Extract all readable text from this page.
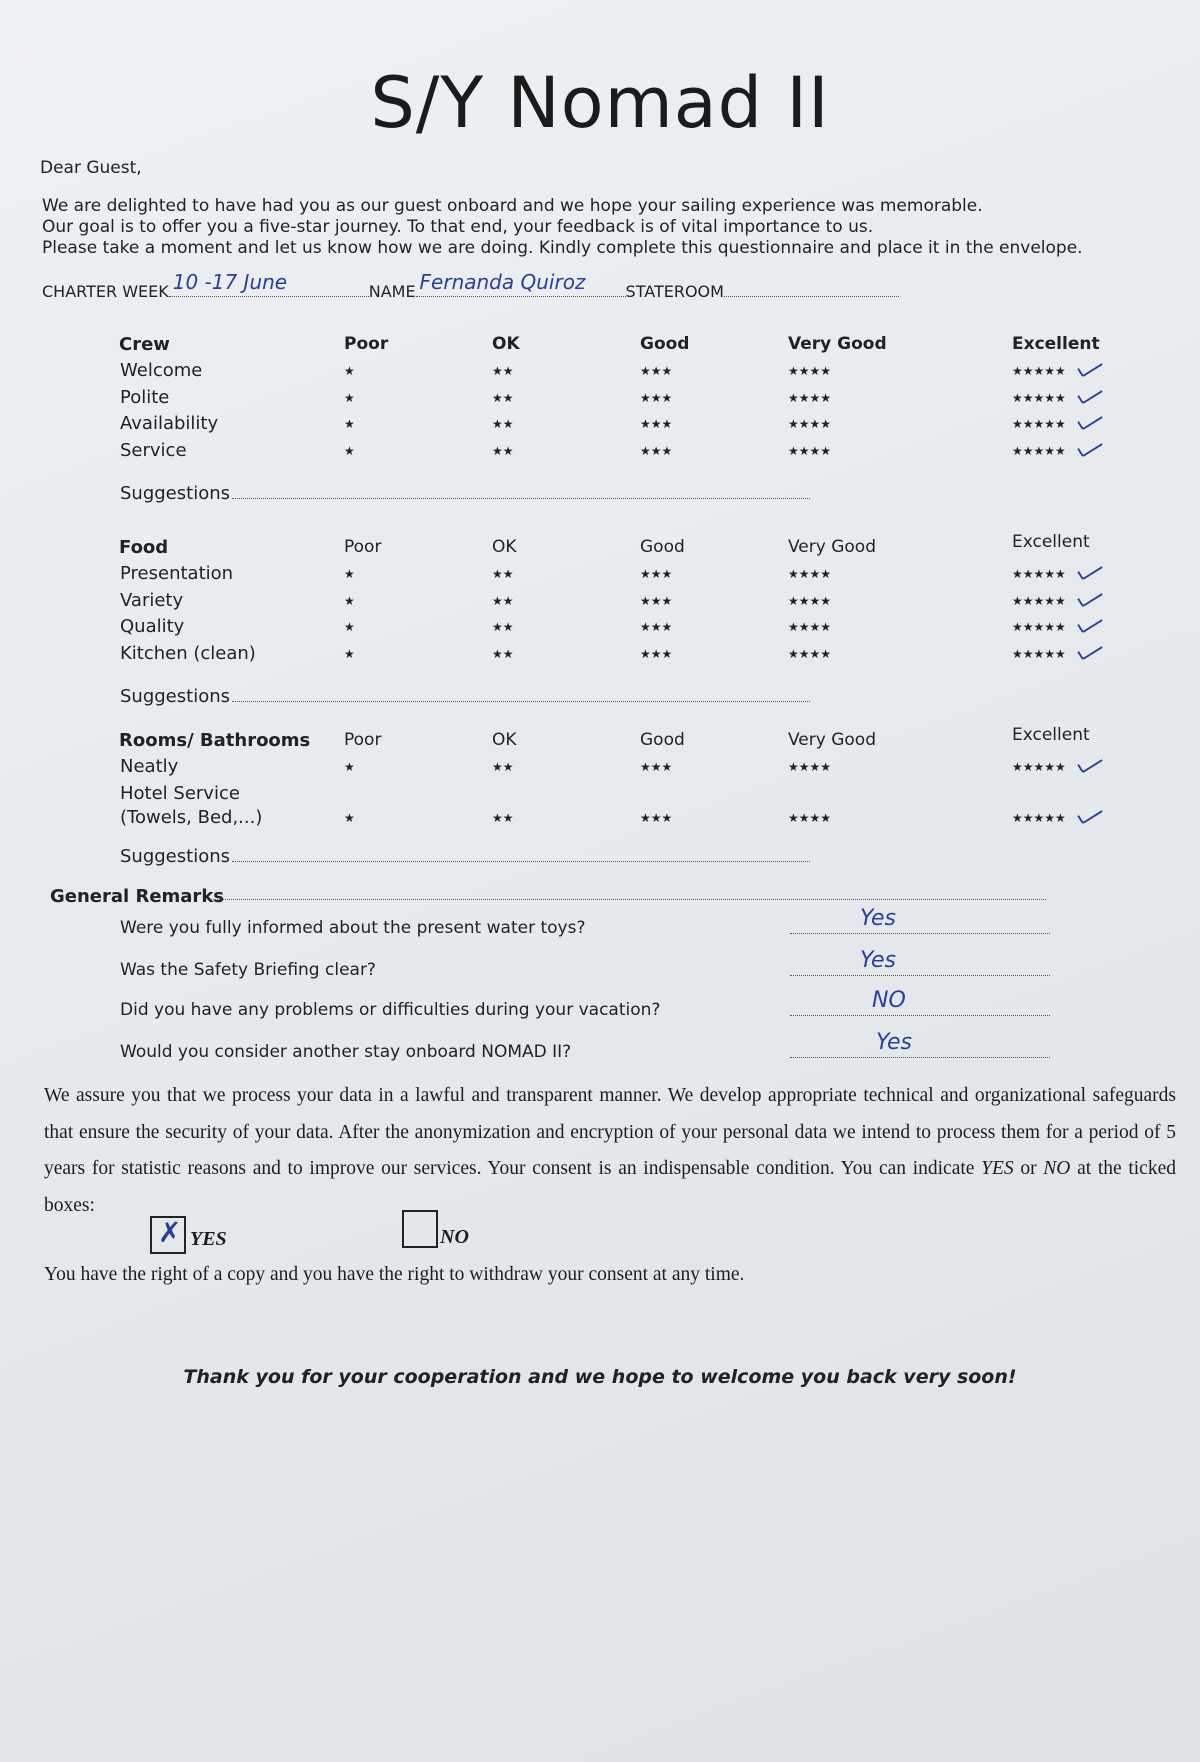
S/Y Nomad II
Dear Guest,
We are delighted to have had you as our guest onboard and we hope your sailing experience was memorable.
Our goal is to offer you a five-star journey. To that end, your feedback is of vital importance to us.
Please take a moment and let us know how we are doing. Kindly complete this questionnaire and place it in the envelope.
CHARTER WEEK 10 -17 June	NAME Fernanda Quiroz	STATEROOM
Crew	Poor	OK	Good	Very Good	Excellent
Welcome	★	★★	★★★	★★★★	★★★★★
Polite	★	★★	★★★	★★★★	★★★★★
Availability	★	★★	★★★	★★★★	★★★★★
Service	★	★★	★★★	★★★★	★★★★★
Suggestions
Food	Poor	OK	Good	Very Good	Excellent
Presentation	★	★★	★★★	★★★★	★★★★★
Variety	★	★★	★★★	★★★★	★★★★★
Quality	★	★★	★★★	★★★★	★★★★★
Kitchen (clean)	★	★★	★★★	★★★★	★★★★★
Suggestions
Rooms/ Bathrooms Poor	OK	Good	Very Good	Excellent
Neatly	★	★★	★★★	★★★★	★★★★★
Hotel Service
(Towels, Bed,...)	★	★★	★★★	★★★★	★★★★★
Suggestions
General Remarks
Were you fully informed about the present water toys?	Yes
Was the Safety Briefing clear?	Yes
Did you have any problems or difficulties during your vacation?	NO
Would you consider another stay onboard NOMAD II?	Yes
We assure you that we process your data in a lawful and transparent manner. We develop appropriate technical and organizational safeguards that ensure the security of your data. After the anonymization and encryption of your personal data we intend to process them for a period of 5 years for statistic reasons and to improve our services. Your consent is an indispensable condition. You can indicate YES or NO at the ticked boxes:
✗ YES	NO
You have the right of a copy and you have the right to withdraw your consent at any time.
Thank you for your cooperation and we hope to welcome you back very soon!
